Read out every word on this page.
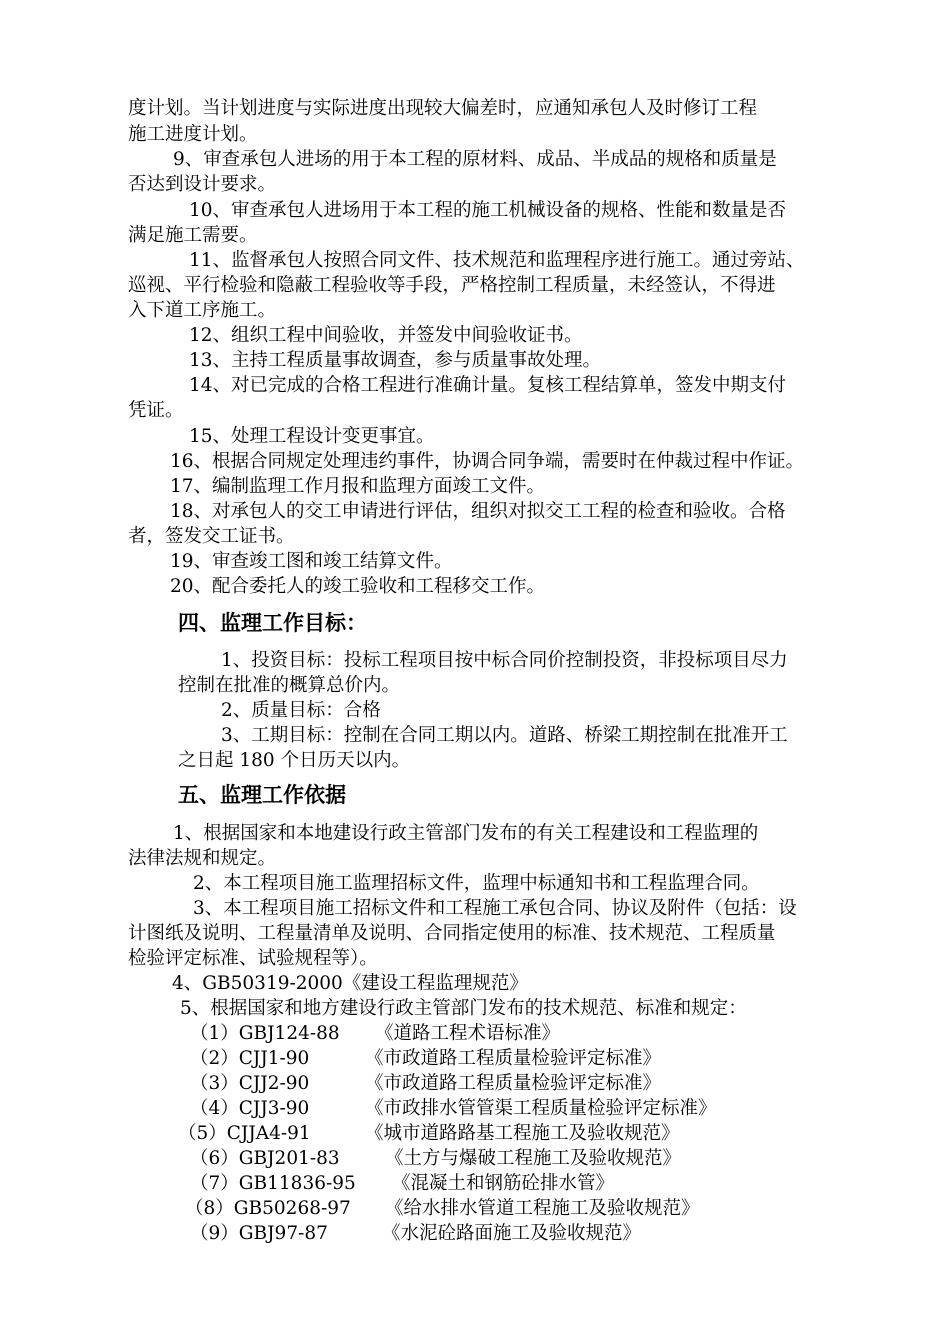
度计划。当计划进度与实际进度出现较大偏差时，应通知承包人及时修订工程
施工进度计划。
9、审查承包人进场的用于本工程的原材料、成品、半成品的规格和质量是
否达到设计要求。
10、审查承包人进场用于本工程的施工机械设备的规格、性能和数量是否
满足施工需要。
11、监督承包人按照合同文件、技术规范和监理程序进行施工。通过旁站、
巡视、平行检验和隐蔽工程验收等手段，严格控制工程质量，未经签认，不得进
入下道工序施工。
12、组织工程中间验收，并签发中间验收证书。
13、主持工程质量事故调查，参与质量事故处理。
14、对已完成的合格工程进行准确计量。复核工程结算单，签发中期支付
凭证。
15、处理工程设计变更事宜。
16、根据合同规定处理违约事件，协调合同争端，需要时在仲裁过程中作证。
17、编制监理工作月报和监理方面竣工文件。
18、对承包人的交工申请进行评估，组织对拟交工工程的检查和验收。合格
者，签发交工证书。
19、审查竣工图和竣工结算文件。
20、配合委托人的竣工验收和工程移交工作。
四、监理工作目标：
1、投资目标：投标工程项目按中标合同价控制投资，非投标项目尽力
控制在批准的概算总价内。
2、质量目标：合格
3、工期目标：控制在合同工期以内。道路、桥梁工期控制在批准开工
之日起 180 个日历天以内。
五、监理工作依据
1、根据国家和本地建设行政主管部门发布的有关工程建设和工程监理的
法律法规和规定。
2、本工程项目施工监理招标文件，监理中标通知书和工程监理合同。
3、本工程项目施工招标文件和工程施工承包合同、协议及附件（包括：设
计图纸及说明、工程量清单及说明、合同指定使用的标准、技术规范、工程质量
检验评定标准、试验规程等）。
4、GB50319-2000《建设工程监理规范》
5、根据国家和地方建设行政主管部门发布的技术规范、标准和规定：
（1）GBJ124-88 《道路工程术语标准》
（2）CJJ1-90	《市政道路工程质量检验评定标准》
（3）CJJ2-90	《市政道路工程质量检验评定标准》
（4）CJJ3-90	《市政排水管管渠工程质量检验评定标准》
（5）CJJA4-91	《城市道路路基工程施工及验收规范》
（6）GBJ201-83 《土方与爆破工程施工及验收规范》
（7）GB11836-95 《混凝土和钢筋砼排水管》
（8）GB50268-97 《给水排水管道工程施工及验收规范》
（9）GBJ97-87	《水泥砼路面施工及验收规范》
